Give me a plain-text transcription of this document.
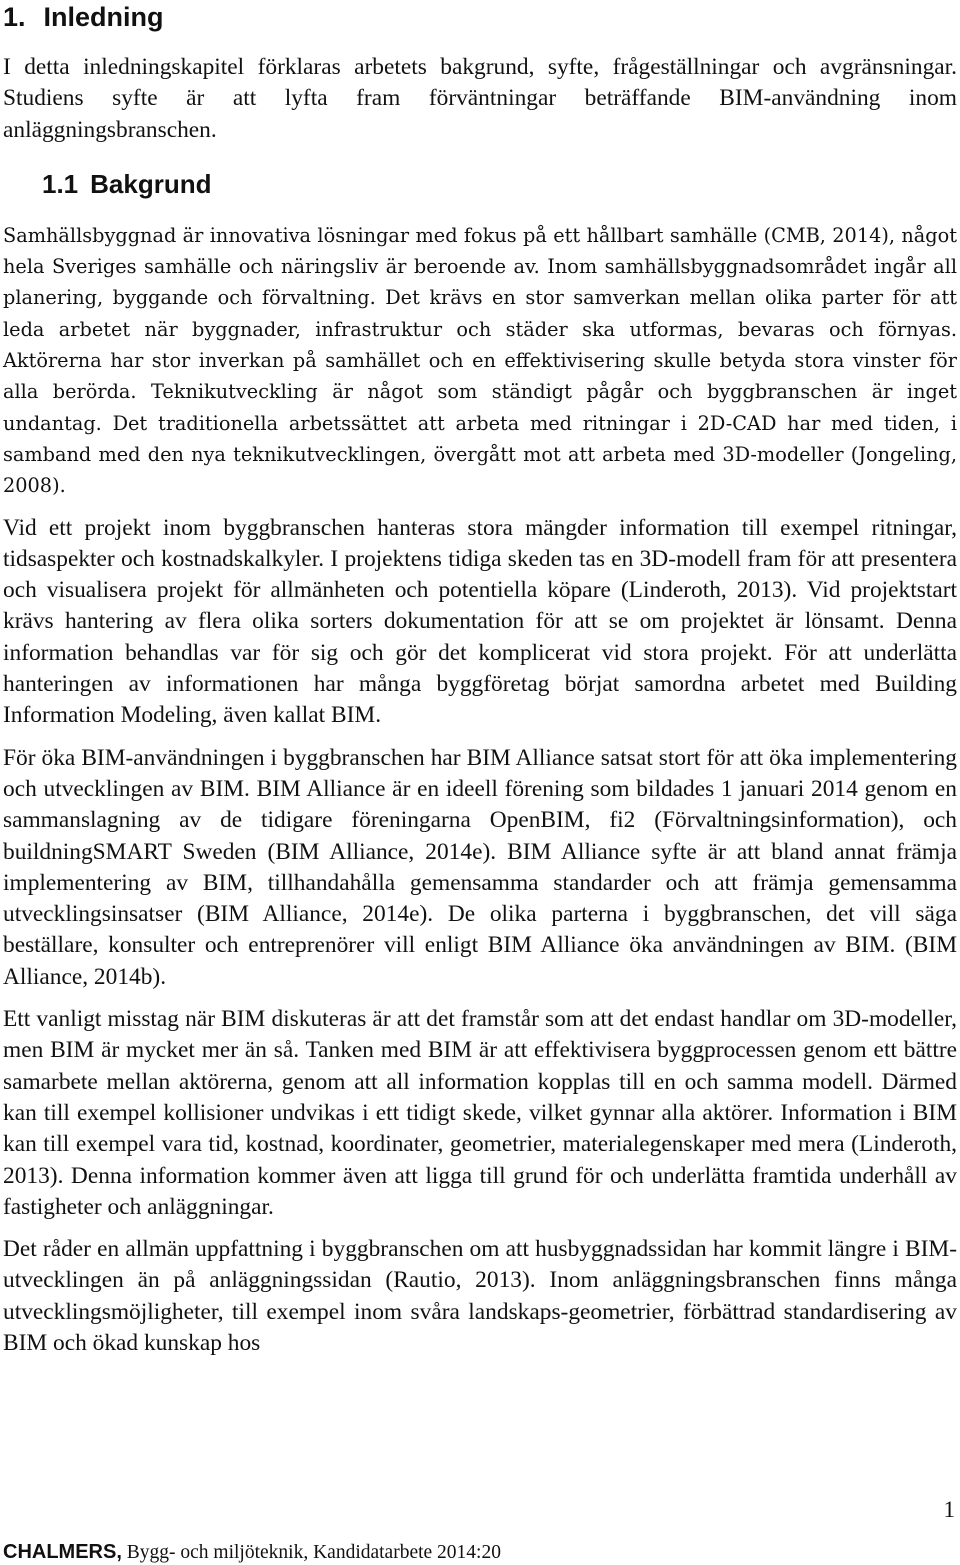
1. Inledning

I detta inledningskapitel förklaras arbetets bakgrund, syfte, frågeställningar och avgränsningar. Studiens syfte är att lyfta fram förväntningar beträffande BIM-användning inom anläggningsbranschen.

1.1 Bakgrund

Samhällsbyggnad är innovativa lösningar med fokus på ett hållbart samhälle (CMB, 2014), något hela Sveriges samhälle och näringsliv är beroende av. Inom samhällsbyggnadsområdet ingår all planering, byggande och förvaltning. Det krävs en stor samverkan mellan olika parter för att leda arbetet när byggnader, infrastruktur och städer ska utformas, bevaras och förnyas. Aktörerna har stor inverkan på samhället och en effektivisering skulle betyda stora vinster för alla berörda. Teknikutveckling är något som ständigt pågår och byggbranschen är inget undantag. Det traditionella arbetssättet att arbeta med ritningar i 2D-CAD har med tiden, i samband med den nya teknikutvecklingen, övergått mot att arbeta med 3D-modeller (Jongeling, 2008).

Vid ett projekt inom byggbranschen hanteras stora mängder information till exempel ritningar, tidsaspekter och kostnadskalkyler. I projektens tidiga skeden tas en 3D-modell fram för att presentera och visualisera projekt för allmänheten och potentiella köpare (Linderoth, 2013). Vid projektstart krävs hantering av flera olika sorters dokumentation för att se om projektet är lönsamt. Denna information behandlas var för sig och gör det komplicerat vid stora projekt. För att underlätta hanteringen av informationen har många byggföretag börjat samordna arbetet med Building Information Modeling, även kallat BIM.

För öka BIM-användningen i byggbranschen har BIM Alliance satsat stort för att öka implementering och utvecklingen av BIM. BIM Alliance är en ideell förening som bildades 1 januari 2014 genom en sammanslagning av de tidigare föreningarna OpenBIM, fi2 (Förvaltningsinformation), och buildningSMART Sweden (BIM Alliance, 2014e). BIM Alliance syfte är att bland annat främja implementering av BIM, tillhandahålla gemensamma standarder och att främja gemensamma utvecklingsinsatser (BIM Alliance, 2014e). De olika parterna i byggbranschen, det vill säga beställare, konsulter och entreprenörer vill enligt BIM Alliance öka användningen av BIM. (BIM Alliance, 2014b).

Ett vanligt misstag när BIM diskuteras är att det framstår som att det endast handlar om 3D-modeller, men BIM är mycket mer än så. Tanken med BIM är att effektivisera byggprocessen genom ett bättre samarbete mellan aktörerna, genom att all information kopplas till en och samma modell. Därmed kan till exempel kollisioner undvikas i ett tidigt skede, vilket gynnar alla aktörer. Information i BIM kan till exempel vara tid, kostnad, koordinater, geometrier, materialegenskaper med mera (Linderoth, 2013). Denna information kommer även att ligga till grund för och underlätta framtida underhåll av fastigheter och anläggningar.

Det råder en allmän uppfattning i byggbranschen om att husbyggnadssidan har kommit längre i BIM-utvecklingen än på anläggningssidan (Rautio, 2013). Inom anläggningsbranschen finns många utvecklingsmöjligheter, till exempel inom svåra landskaps-geometrier, förbättrad standardisering av BIM och ökad kunskap hos

1
CHALMERS, Bygg- och miljöteknik, Kandidatarbete 2014:20
